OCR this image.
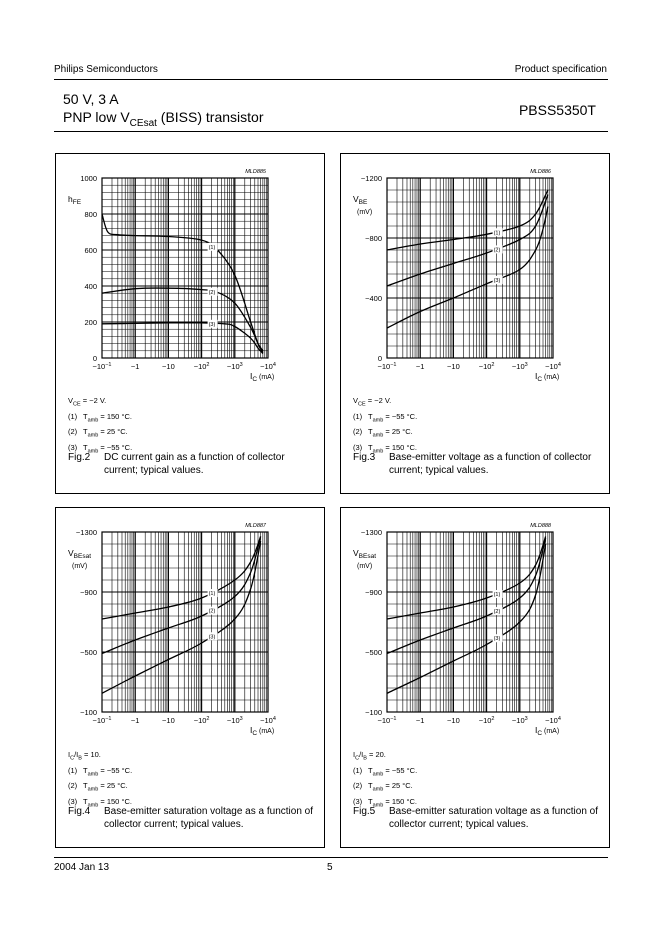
Philips Semiconductors	Product specification
50 V, 3 A
PNP low $V_{CEsat}$ (BISS) transistor	PBSS5350T
0
200
400
600
800
1000
$-10^{-1}$	−1	−10	$-10^2 -10^3 -10^4$
$h_{FE}$
$I_C$ $^{(mA)}$
MLD885
(1)
(2)
(3)
$V_{CE} = -2$ V.
(1) $T_{amb} = 150$ °C.
(2) $T_{amb} = 25$ °C.
(3) $T_{amb} = -55$ °C.
Fig.2 DC current gain as a function of collector current; typical values.
0
−400
−800
−1200
$-10^{-1}$	−1	−10	$-10^2 -10^3 -10^4$
$V_{BE}$
(mV)
$I_C$ $^{(mA)}$
MLD886
(1)
(2)
(3)
$V_{CE} = -2$ V.
(1) $T_{amb} = -55$ °C.
(2) $T_{amb} = 25$ °C.
(3) $T_{amb} = 150$ °C.
Fig.3 Base-emitter voltage as a function of collector current; typical values.
−100
−500
−900
−1300
$-10^{-1}$	−1	−10	$-10^2 -10^3 -10^4$
$V_{BEsat}$
(mV)
$I_C$ $^{(mA)}$
MLD887
(1)
(2)
(3)
$I_C/I_B = 10$.
(1) $T_{amb} = -55$ °C.
(2) $T_{amb} = 25$ °C.
(3) $T_{amb} = 150$ °C.
Fig.4 Base-emitter saturation voltage as a function of collector current; typical values.
−100
−500
−900
−1300
$-10^{-1}$	−1	−10	$-10^2 -10^3 -10^4$
$V_{BEsat}$
(mV)
$I_C$ $^{(mA)}$
MLD888
(1)
(2)
(3)
$I_C/I_B = 20$.
(1) $T_{amb} = -55$ °C.
(2) $T_{amb} = 25$ °C.
(3) $T_{amb} = 150$ °C.
Fig.5 Base-emitter saturation voltage as a function of collector current; typical values.
2004 Jan 13	5
